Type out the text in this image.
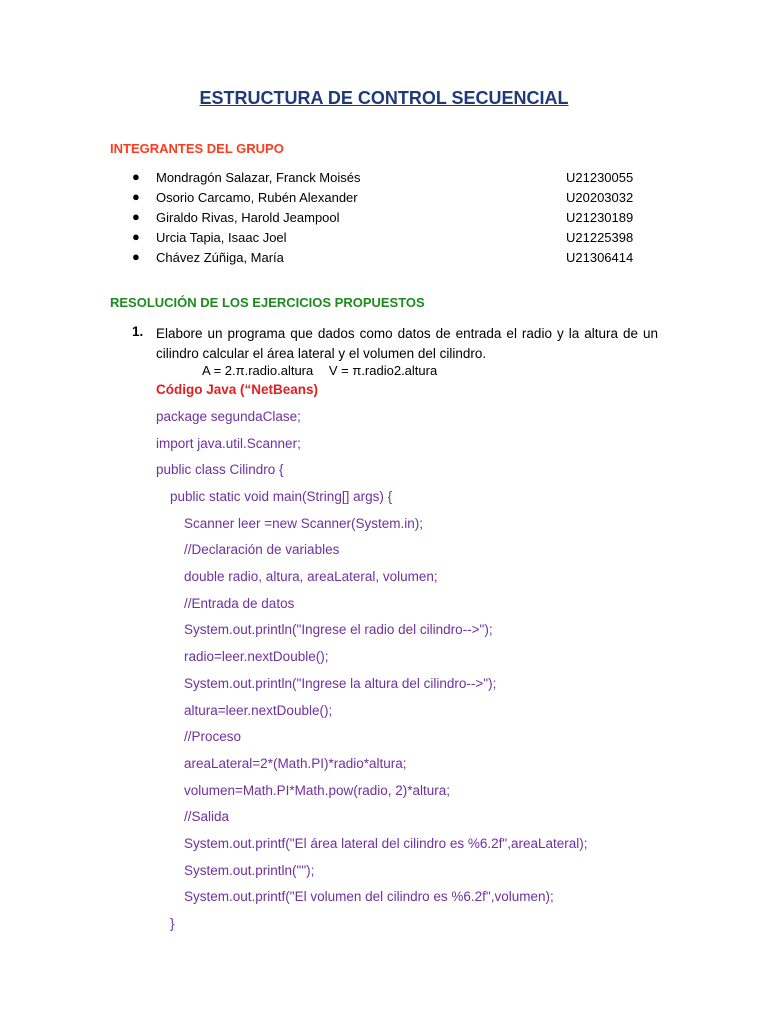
ESTRUCTURA DE CONTROL SECUENCIAL
INTEGRANTES DEL GRUPO
● Mondragón Salazar, Franck Moisés	U21230055
● Osorio Carcamo, Rubén Alexander	U20203032
● Giraldo Rivas, Harold Jeampool	U21230189
● Urcia Tapia, Isaac Joel	U21225398
● Chávez Zúñiga, María	U21306414
RESOLUCIÓN DE LOS EJERCICIOS PROPUESTOS
1. Elabore un programa que dados como datos de entrada el radio y la altura de un cilindro calcular el área lateral y el volumen del cilindro.
A = 2.π.radio.altura V = π.radio2.altura
Código Java (“NetBeans)
package segundaClase;
import java.util.Scanner;
public class Cilindro {
public static void main(String[] args) {
Scanner leer =new Scanner(System.in);
//Declaración de variables
double radio, altura, areaLateral, volumen;
//Entrada de datos
System.out.println("Ingrese el radio del cilindro-->");
radio=leer.nextDouble();
System.out.println("Ingrese la altura del cilindro-->");
altura=leer.nextDouble();
//Proceso
areaLateral=2*(Math.PI)*radio*altura;
volumen=Math.PI*Math.pow(radio, 2)*altura;
//Salida
System.out.printf("El área lateral del cilindro es %6.2f",areaLateral);
System.out.println("");
System.out.printf("El volumen del cilindro es %6.2f",volumen);
}
